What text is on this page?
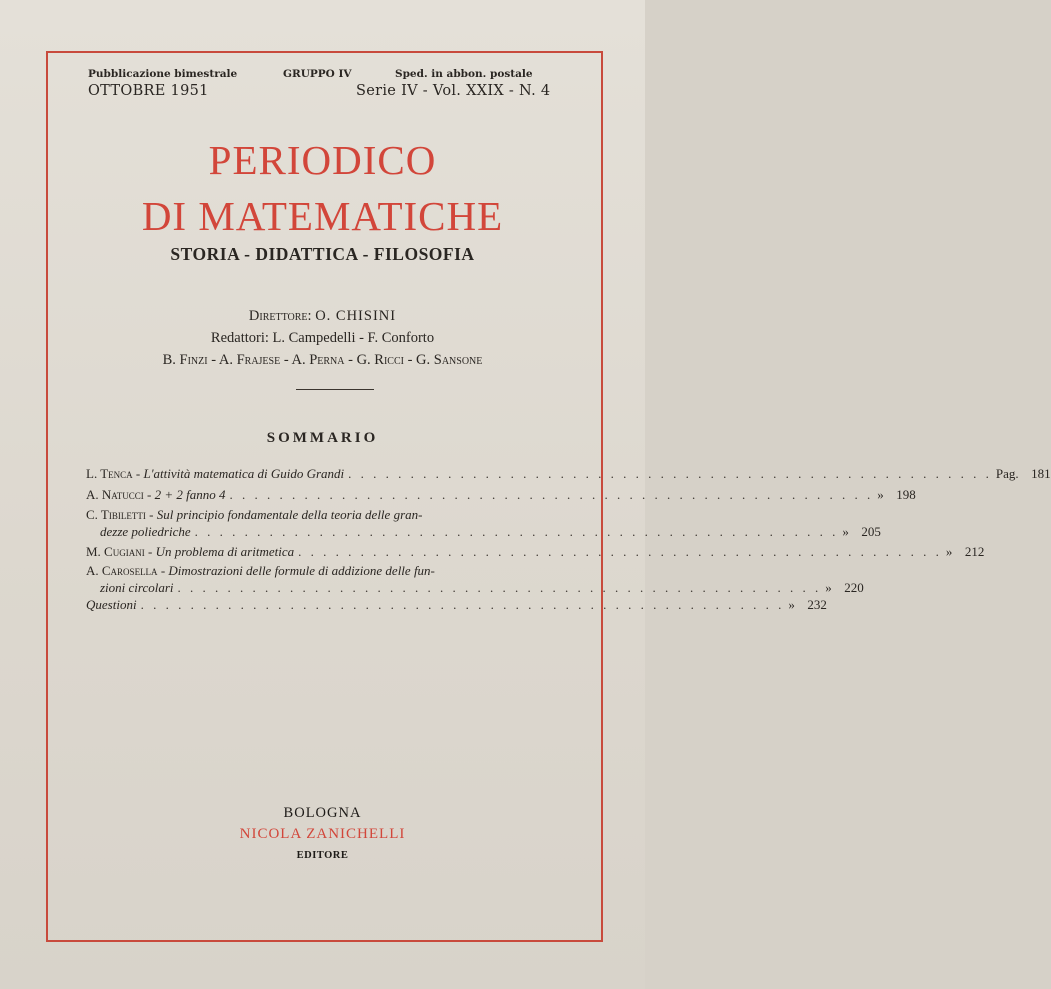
Pubblicazione bimestrale	GRUPPO IV	Sped. in abbon. postale
OTTOBRE 1951	Serie IV - Vol. XXIX - N. 4
PERIODICO
DI MATEMATICHE
STORIA - DIDATTICA - FILOSOFIA
Direttore: O. CHISINI
Redattori: L. Campedelli - F. Conforto
B. Finzi - A. Frajese - A. Perna - G. Ricci - G. Sansone
SOMMARIO
L. Tenca - L'attività matematica di Guido Grandi . . . . . . . . . . . . . . . . . . . . . . . . . . . . . . . . . . . . . . . . . . . . . . . . . . . . Pag. 181
A. Natucci - 2 + 2 fanno 4 . . . . . . . . . . . . . . . . . . . . . . . . . . . . . . . . . . . . . . . . . . . . . . . . . . . . » 198
C. Tibiletti - Sul principio fondamentale della teoria delle gran-
dezze poliedriche . . . . . . . . . . . . . . . . . . . . . . . . . . . . . . . . . . . . . . . . . . . . . . . . . . . . » 205
M. Cugiani - Un problema di aritmetica . . . . . . . . . . . . . . . . . . . . . . . . . . . . . . . . . . . . . . . . . . . . . . . . . . . . » 212
A. Carosella - Dimostrazioni delle formule di addizione delle fun-
zioni circolari . . . . . . . . . . . . . . . . . . . . . . . . . . . . . . . . . . . . . . . . . . . . . . . . . . . . » 220
Questioni . . . . . . . . . . . . . . . . . . . . . . . . . . . . . . . . . . . . . . . . . . . . . . . . . . . . » 232
BOLOGNA
NICOLA ZANICHELLI
EDITORE
